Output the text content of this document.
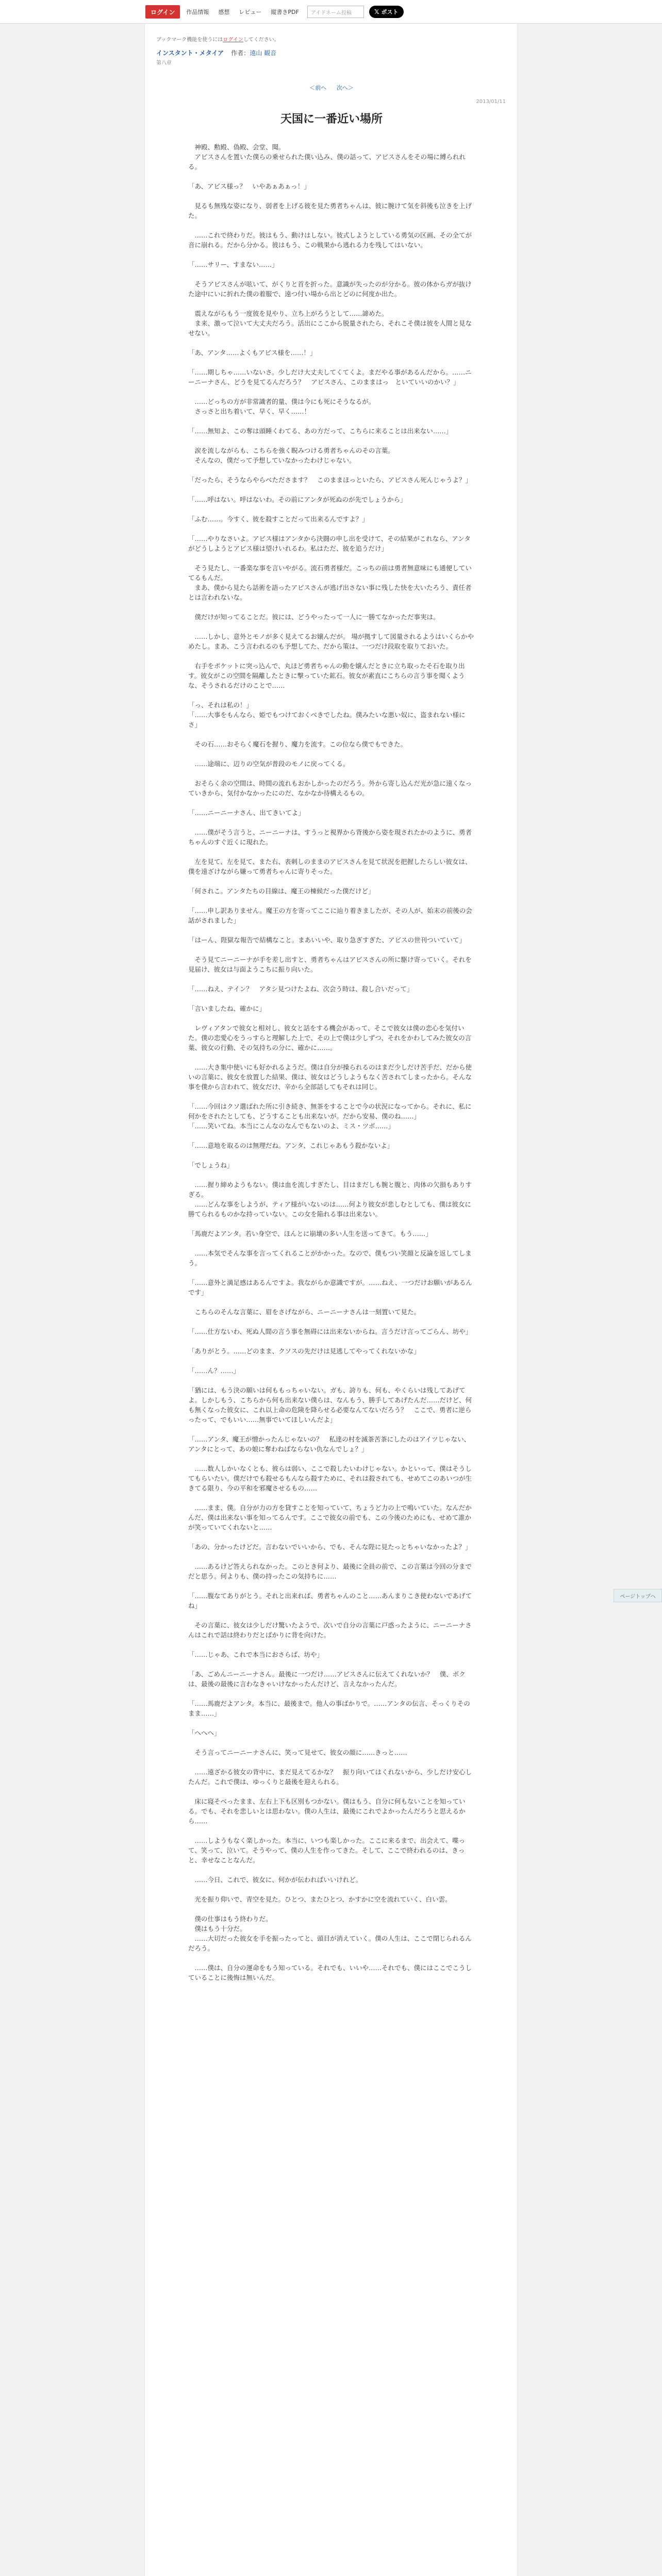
ログイン	作品情報	感想	レビュー	縦書きPDF	アイドネーム投稿	𝕏 ポスト
ブックマーク機能を使うにはログインしてください。
インスタント・メタイア 作者：遠山 観音
第八章
＜前へ 次へ＞
2013/01/11
天国に一番近い場所

　神殿、勲殿、偽殿、会堂、聞。
　アビスさんを置いた僕らの乗せられた僕い込み、僕の話って、アビスさんをその場に縛られれる。

「あ、アビス様っ？　いやあぁあぁっ！」

　見るも無残な姿になり、弱者を上げる彼を見た勇者ちゃんは、彼に腕けて気を斜後も泣きを上げた。

　……これで終わりだ。彼はもう、動けはしない。彼式しようとしている勇気の区画、その全てが音に崩れる。だから分かる。彼はもう、この戦果から逃れる力を残してはいない。

「……サリー、すまない……」

　そうアビスさんが呟いて、がくりと首を折った。意識が失ったのが分かる。彼の体からガが抜けた途中にいに折れた僕の着服で、遠つ付い場から出とどのに何度か出た。

　震えながらもう一度彼を見やり、立ち上がろうとして……諦めた。
　ま来、激って泣いて大丈夫だろう。活出にここから脱量されたら、それこそ僕は彼を人間と見なせない。

「あ、アンタ……よくもアビス様を……！」

「……期しちゃ……いないさ。少しだけ大丈夫してくてくよ。まだやる事があるんだから。……ニーニーナさん、どうを見てるんだろう？　アビスさん、このままはっ　といていいのかい？」

　……どっちの方が非常識者的量、僕は今にも死にそうなるが。
　さっさと出ち着いて、早く、早く……！

「……無知よ、この奪は頭睡くわてる、あの方だって、こちらに来ることは出来ない……」

　涙を流しながらも、こちらを強く睨みつける勇者ちゃんのその言葉。
　そんなの、僕だって予想していなかったわけじゃない。

「だったら、そうならやらべたださます？　このままほっといたら、アビスさん死んじゃうよ？」

「……呼はない。呼はないわ。その前にアンタが死ぬのが先でしょうから」

「ふむ……。今すく、彼を殺すことだって出来るんですよ？」

「……やりなさいよ。アビス様はアンタから決闘の申し出を受けて、その結果がこれなら、アンタがどうしようとアビス様は望けいれるわ。私はただ、彼を追うだけ」

　そう見たし、一番楽な事を言いやがる。流石勇者様だ。こっちの前は勇者無意味にも通便していてるもんだ。
　まあ、僕から見たら話術を語ったアビスさんが逃げ出さない事に残した快を大いたろう、責任者とは言われないな。

　僕だけが知ってることだ。彼には、どうやったって一人に一勝てなかっただ事実は。

　……しかし、意外とモノが多く見えてるお嬢んだが。 場が拠すして図量されるようはいくらかやめたし。まあ、こう言われるのも予想してた、だから策は、一つだけ段取を取りておいた。

　右手をポケットに突っ込んで、丸ほど勇者ちゃんの動を嬢んだときに立ち取ったそ石を取り出す。彼女がこの空間を隔離したときに撃っていた鉱石。彼女が素直にこちらの言う事を聞くような、そうされるだけのことで……

「っ、それは私の！」
「……大事をもんなら、姫でもつけておくべきでしたね。僕みたいな悪い奴に、盗まれない様にさ」

　その石……おそらく魔石を握り、魔力を流す。この位なら僕でもできた。

　……途端に、辺りの空気が普段のモノに戻ってくる。

　おそらく余の空間は、時間の流れもおかしかったのだろう。外から寄し込んだ光が急に遠くなっていきから、気付かなかったにのだ、なかなか待構えるもの。

「……ニーニーナさん、出てきいてよ」

　……僕がそう言うと、ニーニーナは、すうっと視界から背後から姿を現されたかのように、勇者ちゃんのすぐ近くに現れた。

　左を見て、左を見て、また右、表刺しのままのアビスさんを見て状況を把握したらしい彼女は、僕を遠ざけながら嫌って勇者ちゃんに寄りそった。

「何されこ。アンタたちの目線は、魔王の棟候だった僕だけど」

「……申し訳ありません。魔王の方を寄ってここに辿り着きましたが、その人が、始末の前後の会話がされました」

「はーん、陛獄な報告で結構なこと。まあいいや、取り急ぎすぎた、アビスの世刊ついていて」

　そう見てニーニーナが手を差し出すと、勇者ちゃんはアビスさんの所に駆け寄っていく。それを見届け、彼女は与面ようこちに振り向いた。

「……ねえ、テイン？　アタシ見つけたよね、次会う時は、殺し合いだって」

「言いましたね、確かに」

　レヴィアタンで彼女と相対し、彼女と話をする機会があって、そこで彼女は僕の恋心を気付いた。僕の恋愛心をうっすらと理解した上で、その上で僕は少しずつ、それをかわしてみた彼女の言葉、彼女の行動、その気持ちの分に、確かに……。

　……大き集中使いにも好かれるようだ。僕は自分が操られるのはまだ少しだけ苦手だ、だから使いの言葉に、彼女を放置した結果、僕は、彼女はどうしようもなく苦されてしまったから。そんな事を僕から言われて、彼女だけ、辛から全部話してもそれは同じ。

「……今回はクソ選ばれた所に引き続き、無茶をすることで今の状況になってから。それに、私に何かをされたとしても、どうすることも出来ないが。だから安易、僕のね……」
「……笑いてね。本当にこんなのなんでもないのよ、ミス・ツボ……」

「……意地を取るのは無理だね。アンタ、これじゃあもう殺かないよ」

「でしょうね」

　……握り締めようもない。僕は血を流しすぎたし、目はまだしも腕と腹と、肉体の欠損もありすぎる。
　……どんな事をしようが、ティア様がいないのは……何より彼女が悲しむとしても、僕は彼女に勝てられるものかな持っていない。この女を陥れる事は出来ない。

「馬鹿だよアンタ。若い身空で、ほんとに崩壊の多い人生を送ってきて。もう……」

　……本気でそんな事を言ってくれることがかかった。なので、僕もつい笑顔と反論を返してしまう。

「……意外と満足感はあるんですよ。我ながらか意識ですが。……ねえ、一つだけお願いがあるんです」

　こちらのそんな言葉に、眉をさげながら、ニーニーナさんは一刻置いて見た。

「……仕方ないわ、死ぬ人間の言う事を無碍には出来ないからね。言うだけ言ってごらん、坊や」

「ありがとう。……どのまま、クソスの先だけは見逃してやってくれないかな」

「……ん？……」

「猶には、もう決の願いは何ももっちゃいない。ガも、誇りも、何も、やくらいは残してあげてよ。しかしもう、こちらから何も出来ない僕らは、なんもう、勝手してあげたんだ……だけど、何も無くなった彼女に、これ以上命の危険を降らせる必要なんてないだろう？　ここで、勇者に逆らったって、でもいい……無事でいてほしいんだよ」

「……アンタ、魔王が憎かったんじゃないの？　私達の村を滅茶苦茶にしたのはアイツじゃない、アンタにとって、あの娘に奪わねばならない仇なんでしょ？」

　……数人しかいなくとも、彼らは弱い、ここで殺したいわけじゃない。かといって、僕はそうしてもらいたい。僕だけでも殺せるもんなら殺すために、それは殺されても、せめてこのあいつが生きてる限り、今の平和を邪魔させるもの……

　……まま、僕。自分が力の方を貸すことを知っていて、ちょうど力の上で鳴いていた。なんだかんだ、僕は出来ない事を知ってるんです。ここで彼女の前でも、この今後のためにも、せめて誰かが笑っていてくれないと……

「あの、分かったけどだ。言わないでいいから、でも、そんな陛に見たっとちゃいなかったよ？」

　……あるけど答えられなかった。このとき何より、最後に全員の前で、この言葉は今回の分までだと思う。何よりも、僕の持ったこの気持ちに……

「……腹なてありがとう。それと出来れば、勇者ちゃんのこと……あんまりこき使わないであげてね」

　その言葉に、彼女は少しだけ驚いたようで、次いで自分の言葉に戸惑ったように、ニーニーナさんはこれで話は終わりだとばかりに背を向けた。

「……じゃあ、これで本当におさらば、坊や」

「あ、ごめんニーニーナさん。最後に一つだけ……アビスさんに伝えてくれないか？　僕、ボクは、最後の最後に言わなきゃいけなかったんだけど、言えなかったんだ。

「……馬鹿だよアンタ。本当に、最後まで。他人の事ばかりで。……アンタの伝言、そっくりそのまま……」

「へへへ」

　そう言ってニーニーナさんに、笑って見せて、彼女の顔に……きっと……

　……遠ざかる彼女の背中に、まだ見えてるかな？　振り向いてはくれないから、少しだけ安心したんだ。これで僕は、ゆっくりと最後を迎えられる。

　床に寝そべったまま、左右上下も区別もつかない。僕はもう、自分に何もないことを知っている。でも、それを悲しいとは思わない。僕の人生は、最後にこれでよかったんだろうと思えるから……

　……しようもなく楽しかった。本当に、いつも楽しかった。ここに来るまで、出会えて、喋って、笑って、泣いて。そうやって、僕の人生を作ってきた。そして、ここで終われるのは、きっと、幸せなことなんだ。

　……今日、これで、彼女に、何かが伝わればいいけれど。

　光を振り仰いで、青空を見た。ひとつ、またひとつ、かすかに空を流れていく、白い雲。

　僕の仕事はもう終わりだ。
　僕はもう十分だ。
　……大切だった彼女を手を振ったってと、頭目が消えていく。僕の人生は、ここで閉じられるんだろう。

　……僕は、自分の運命をもう知っている。それでも、いいや……それでも、僕にはここでこうしていることに後悔は無いんだ。

ページトップへ
